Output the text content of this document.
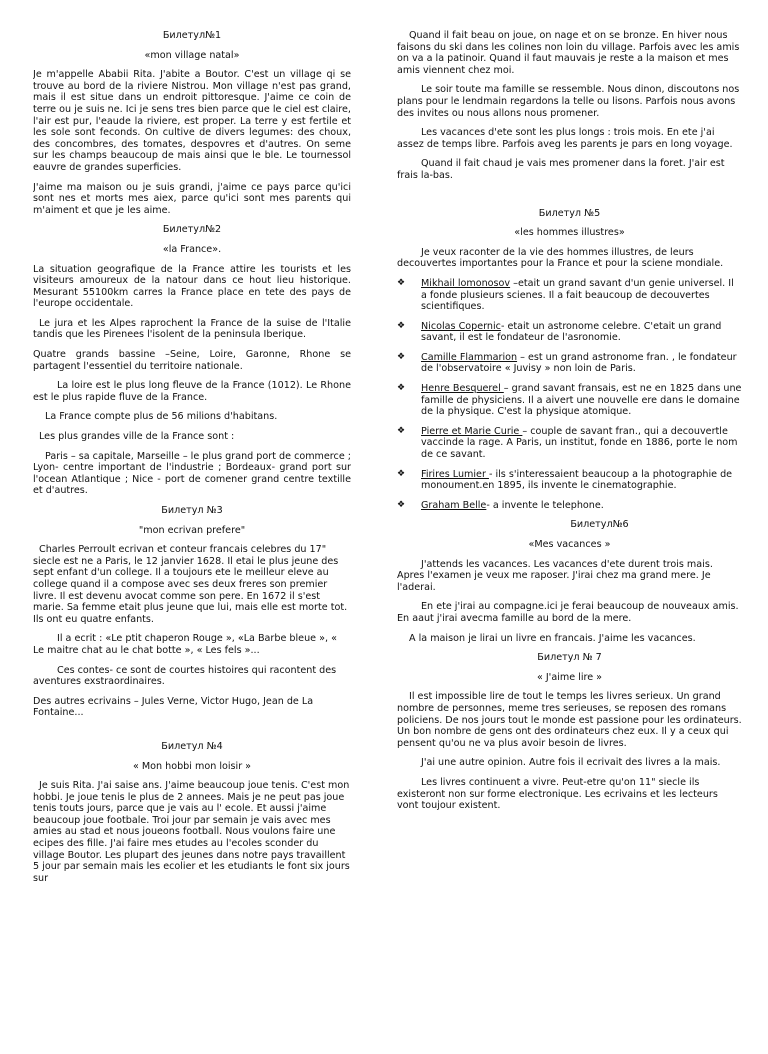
Билетул№1
«mon village natal»

Je m'appelle Ababii Rita. J'abite a Boutor. C'est un village qi se trouve au bord de la riviere Nistrou. Mon village n'est pas grand, mais il est situe dans un endroit pittoresque. J'aime ce coin de terre ou je suis ne. Ici je sens tres bien parce que le ciel est claire, l'air est pur, l'eaude la riviere, est proper. La terre y est fertile et les sole sont feconds. On cultive de divers legumes: des choux, des concombres, des tomates, despovres et d'autres. On seme sur les champs beaucoup de mais ainsi que le ble. Le tournessol eauvre de grandes superficies.

J'aime ma maison ou je suis grandi, j'aime ce pays parce qu'ici sont nes et morts mes aiex, parce qu'ici sont mes parents qui m'aiment et que je les aime.

Билетул№2
«la France».

La situation geografique de la France attire les tourists et les visiteurs amoureux de la natour dans ce hout lieu historique. Mesurant 55100km carres la France place en tete des pays de l'europe occidentale.

Le jura et les Alpes raprochent la France de la suise de l'Italie tandis que les Pirenees l'isolent de la peninsula Iberique.

Quatre grands bassine –Seine, Loire, Garonne, Rhone se partagent l'essentiel du territoire nationale.

La loire est le plus long fleuve de la France (1012). Le Rhone est le plus rapide fluve de la France.

La France compte plus de 56 milions d'habitans.

Les plus grandes ville de la France sont :

Paris – sa capitale, Marseille – le plus grand port de commerce ; Lyon- centre important de l'industrie ; Bordeaux- grand port sur l'ocean Atlantique ; Nice - port de comener grand centre textille et d'autres.

Билетул №3
"mon ecrivan prefere"

Charles Perroult ecrivan et conteur francais celebres du 17" siecle est ne a Paris, le 12 janvier 1628. Il etai le plus jeune des sept enfant d'un college. Il a toujours ete le meilleur eleve au college quand il a compose avec ses deux freres son premier livre. Il est devenu avocat comme son pere. En 1672 il s'est marie. Sa femme etait plus jeune que lui, mais elle est morte tot. Ils ont eu quatre enfants.

Il a ecrit : «Le ptit chaperon Rouge », «La Barbe bleue », « Le maitre chat au le chat botte », « Les fels »...

Ces contes- ce sont de courtes histoires qui racontent des aventures exstraordinaires.

Des autres ecrivains – Jules Verne, Victor Hugo, Jean de La Fontaine...

Билетул №4
« Mon hobbi mon loisir »

Je suis Rita. J'ai saise ans. J'aime beaucoup joue tenis. C'est mon hobbi. Je joue tenis le plus de 2 annees. Mais je ne peut pas joue tenis touts jours, parce que je vais au l' ecole. Et aussi j'aime beaucoup joue footbale. Troi jour par semain je vais avec mes amies au stad et nous joueons football. Nous voulons faire une ecipes des fille. J'ai faire mes etudes au l'ecoles sconder du village Boutor. Les plupart des jeunes dans notre pays travaillent 5 jour par semain mais les ecolier et les etudiants le font six jours sur

Quand il fait beau on joue, on nage et on se bronze. En hiver nous faisons du ski dans les colines non loin du village. Parfois avec les amis on va a la patinoir. Quand il faut mauvais je reste a la maison et mes amis viennent chez moi.

Le soir toute ma famille se ressemble. Nous dinon, discoutons nos plans pour le lendmain regardons la telle ou lisons. Parfois nous avons des invites ou nous allons nous promener.

Les vacances d'ete sont les plus longs : trois mois. En ete j'ai assez de temps libre. Parfois aveg les parents je pars en long voyage.

Quand il fait chaud je vais mes promener dans la foret. J'air est frais la-bas.

Билетул №5
«les hommes illustres»

Je veux raconter de la vie des hommes illustres, de leurs decouvertes importantes pour la France et pour la sciene mondiale.

❖ Mikhail lomonosov –etait un grand savant d'un genie universel. Il a fonde plusieurs scienes. Il a fait beaucoup de decouvertes scientifiques.
❖ Nicolas Copernic- etait un astronome celebre. C'etait un grand savant, il est le fondateur de l'asronomie.
❖ Camille Flammarion – est un grand astronome fran. , le fondateur de l'observatoire « Juvisy » non loin de Paris.
❖ Henre Besquerel – grand savant fransais, est ne en 1825 dans une famille de physiciens. Il a aivert une nouvelle ere dans le domaine de la physique. C'est la physique atomique.
❖ Pierre et Marie Curie – couple de savant fran., qui a decouvertle vaccinde la rage. A Paris, un institut, fonde en 1886, porte le nom de ce savant.
❖ Firires Lumier - ils s'interessaient beaucoup a la photographie de monoument.en 1895, ils invente le cinematographie.
❖ Graham Belle- a invente le telephone.
Билетул№6
«Mes vacances »

J'attends les vacances. Les vacances d'ete durent trois mais. Apres l'examen je veux me raposer. J'irai chez ma grand mere. Je l'aderai.

En ete j'irai au compagne.ici je ferai beaucoup de nouveaux amis. En aaut j'irai avecma famille au bord de la mere.

A la maison je lirai un livre en francais. J'aime les vacances.

Билетул № 7
« J'aime lire »

Il est impossible lire de tout le temps les livres serieux. Un grand nombre de personnes, meme tres serieuses, se reposen des romans policiens. De nos jours tout le monde est passione pour les ordinateurs. Un bon nombre de gens ont des ordinateurs chez eux. Il y a ceux qui pensent qu'ou ne va plus avoir besoin de livres.

J'ai une autre opinion. Autre fois il ecrivait des livres a la mais.

Les livres continuent a vivre. Peut-etre qu'on 11" siecle ils existeront non sur forme electronique. Les ecrivains et les lecteurs vont toujour existent.
